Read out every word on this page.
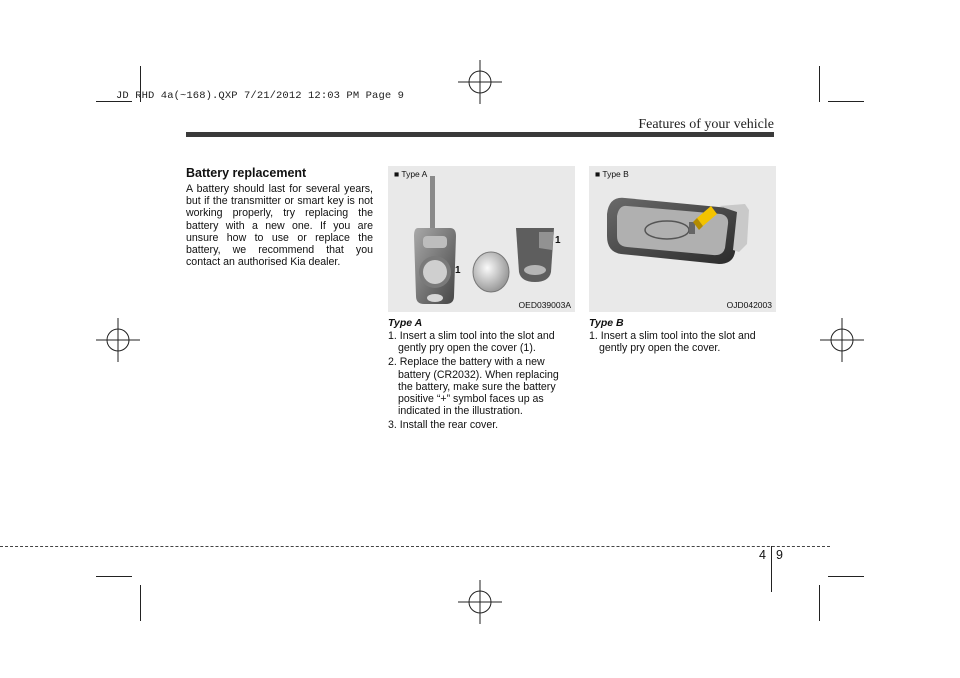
JD RHD 4a(~168).QXP 7/21/2012 12:03 PM Page 9
Features of your vehicle
Battery replacement
A battery should last for several years, but if the transmitter or smart key is not working properly, try replacing the battery with a new one. If you are unsure how to use or replace the battery, we recommend that you contact an authorised Kia dealer.
■ Type A
1
1
OED039003A
■ Type B
OJD042003
Type A
1. Insert a slim tool into the slot and gently pry open the cover (1).
2. Replace the battery with a new battery (CR2032). When replacing the battery, make sure the battery positive “+” symbol faces up as indicated in the illustration.
3. Install the rear cover.
Type B
1. Insert a slim tool into the slot and gently pry open the cover.
4 9
